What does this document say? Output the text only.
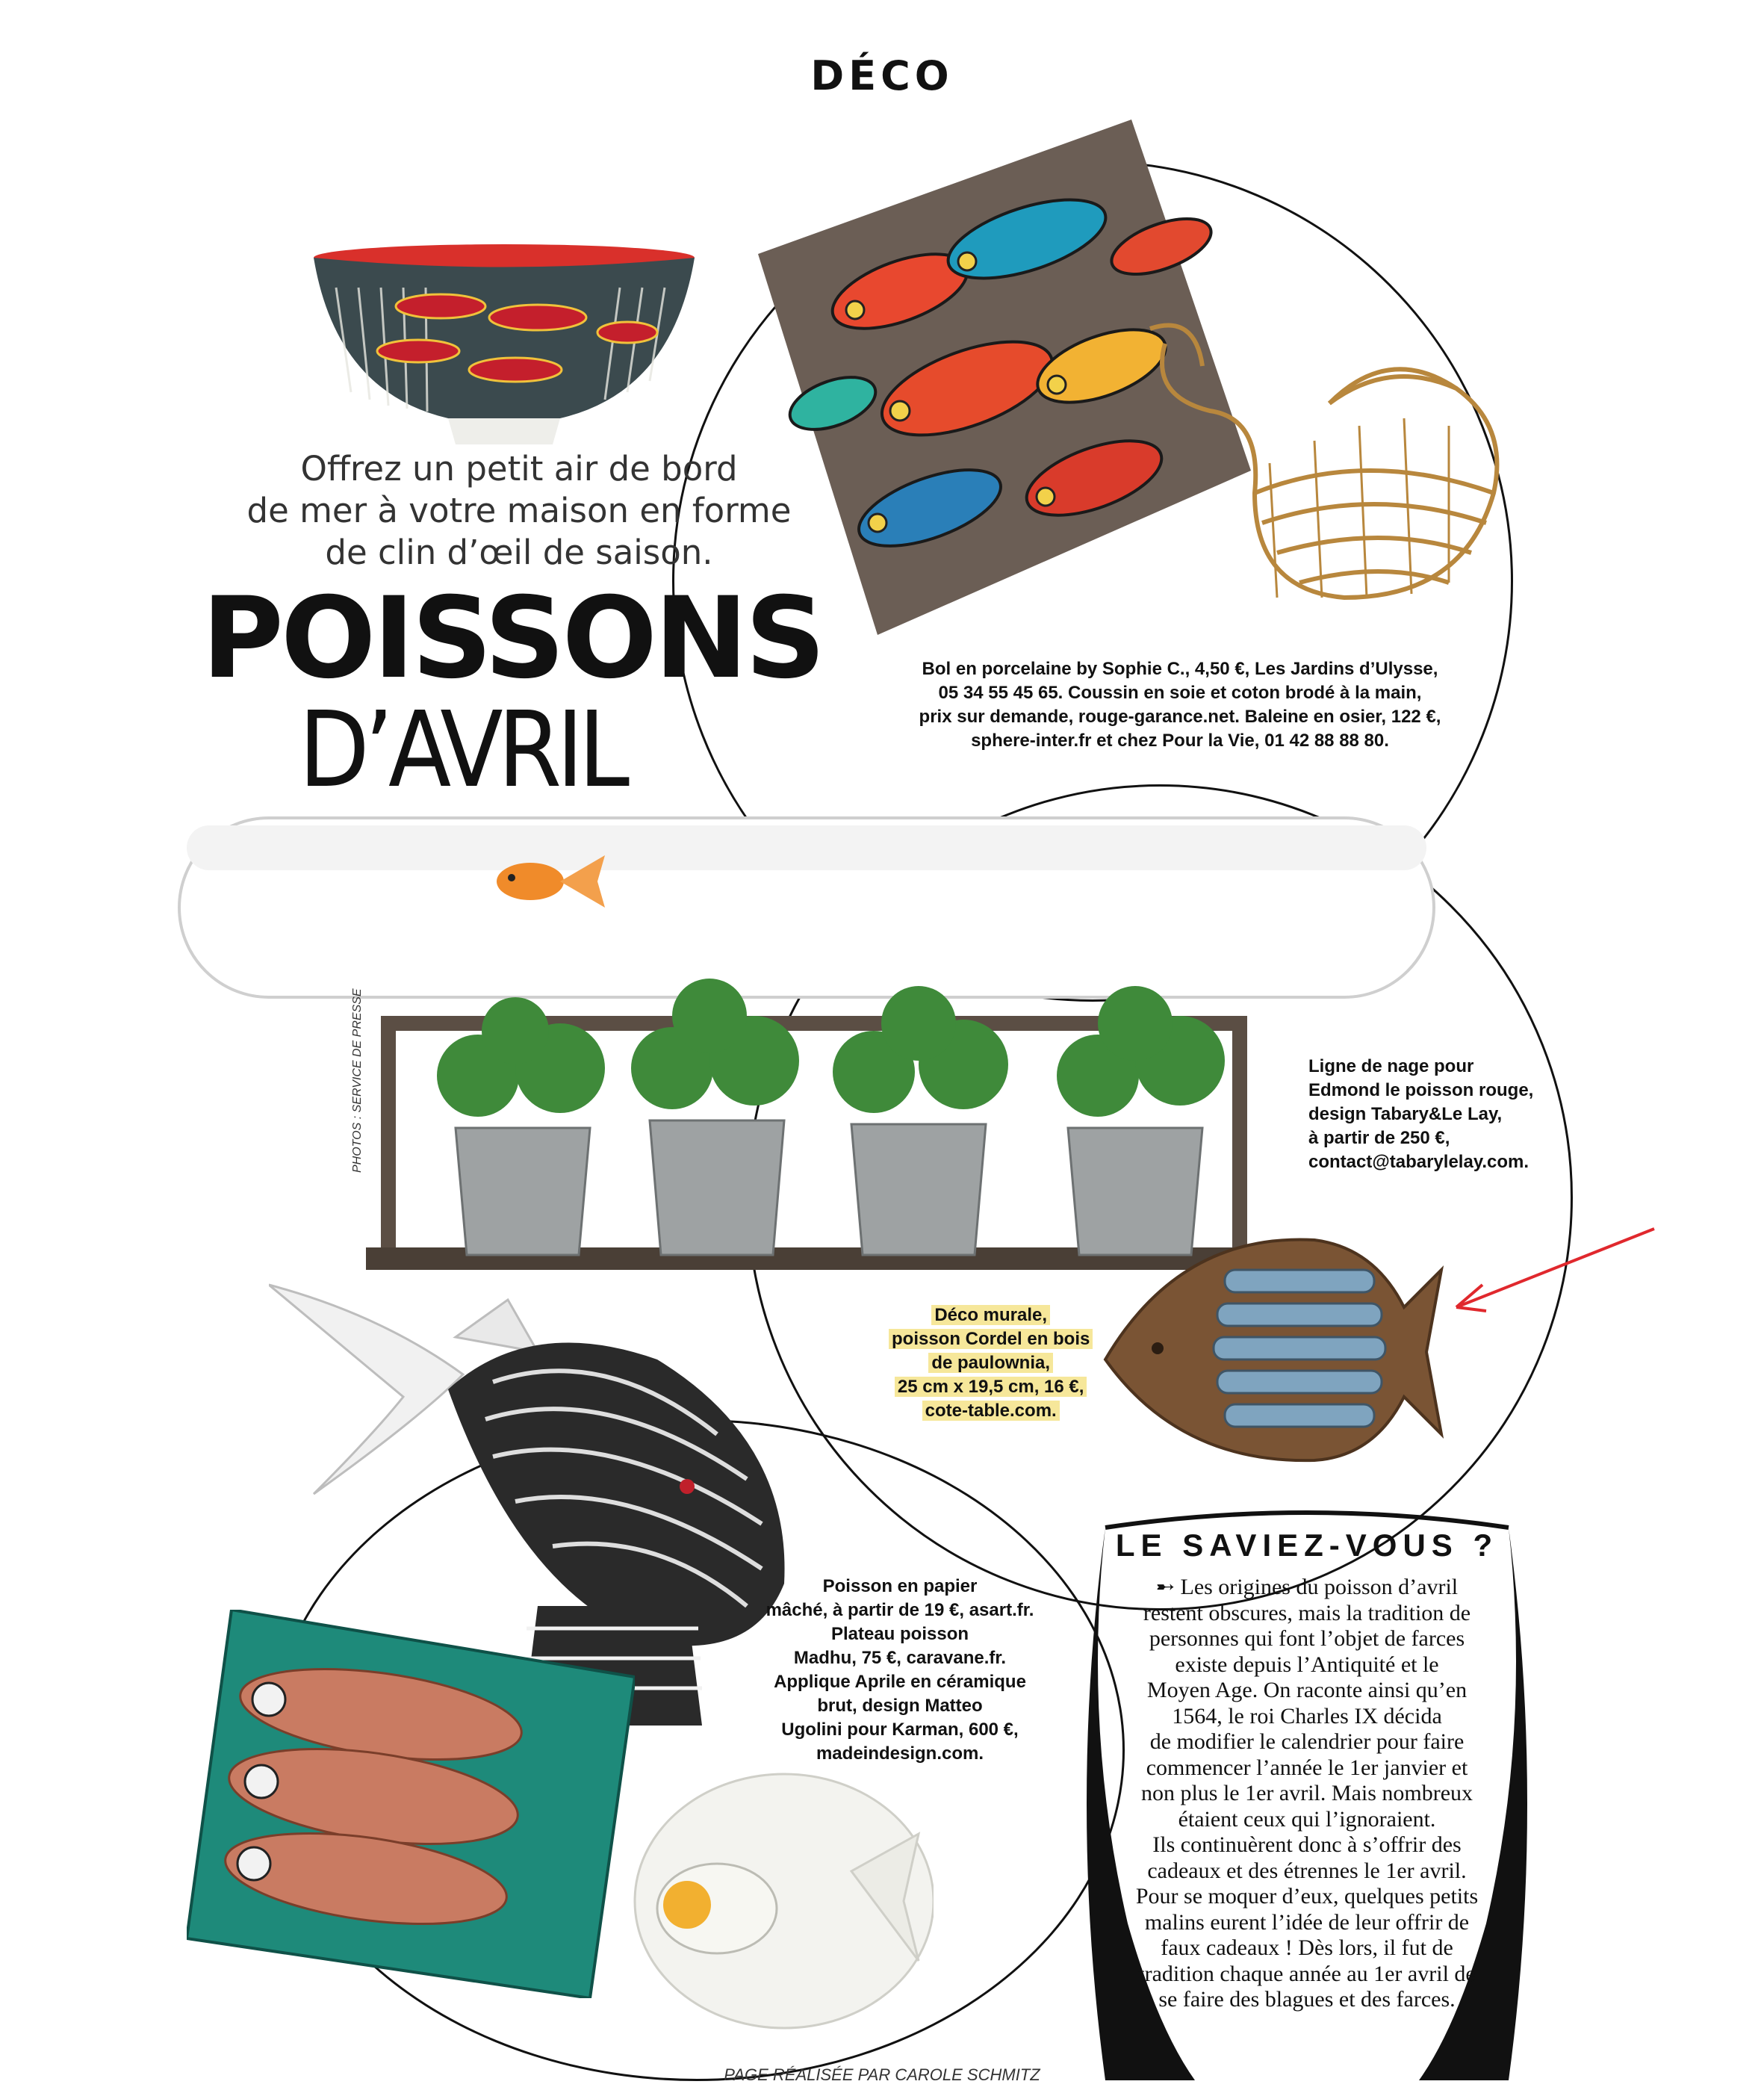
DÉCO
Offrez un petit air de bord
de mer à votre maison en forme
de clin d’œil de saison.
POISSONS
D’AVRIL
Bol en porcelaine by Sophie C., 4,50 €, Les Jardins d’Ulysse,
05 34 55 45 65. Coussin en soie et coton brodé à la main,
prix sur demande, rouge-garance.net. Baleine en osier, 122 €,
sphere-inter.fr et chez Pour la Vie, 01 42 88 88 80.
PHOTOS : SERVICE DE PRESSE	Ligne de nage pour
Edmond le poisson rouge,
design Tabary&Le Lay,
à partir de 250 €,
contact@tabarylelay.com.
Déco murale,
poisson Cordel en bois
de paulownia,
25 cm x 19,5 cm, 16 €,
cote-table.com.
Poisson en papier
mâché, à partir de 19 €, asart.fr.
Plateau poisson
Madhu, 75 €, caravane.fr.
Applique Aprile en céramique
brut, design Matteo
Ugolini pour Karman, 600 €,
madeindesign.com.
LE SAVIEZ-VOUS ?
➸ Les origines du poisson d’avril
restent obscures, mais la tradition de
personnes qui font l’objet de farces
existe depuis l’Antiquité et le
Moyen Age. On raconte ainsi qu’en
1564, le roi Charles IX décida
de modifier le calendrier pour faire
commencer l’année le 1er janvier et
non plus le 1er avril. Mais nombreux
étaient ceux qui l’ignoraient.
Ils continuèrent donc à s’offrir des
cadeaux et des étrennes le 1er avril.
Pour se moquer d’eux, quelques petits
malins eurent l’idée de leur offrir de
faux cadeaux ! Dès lors, il fut de
tradition chaque année au 1er avril de
se faire des blagues et des farces.
PAGE RÉALISÉE PAR CAROLE SCHMITZ
